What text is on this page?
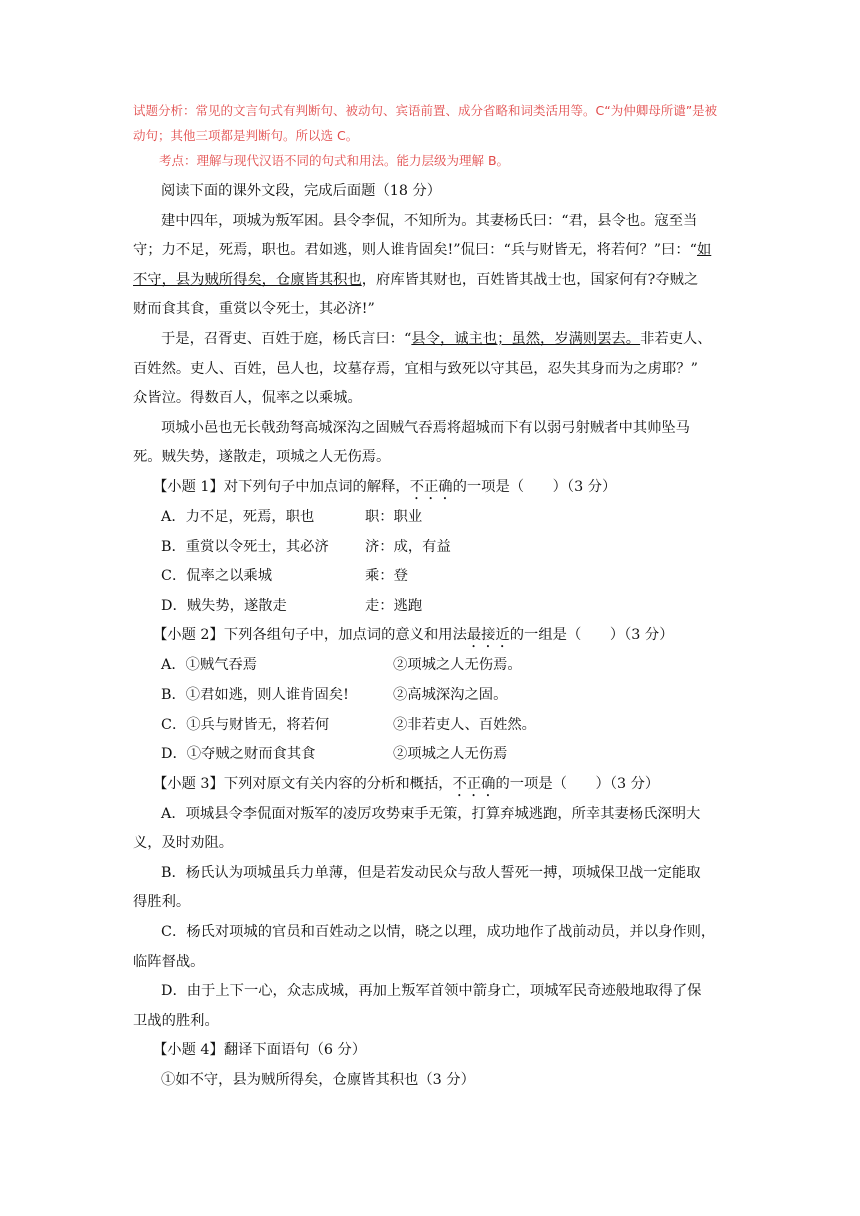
试题分析：常见的文言句式有判断句、被动句、宾语前置、成分省略和词类活用等。C“为仲卿母所谴”是被

动句；其他三项都是判断句。所以选 C。

考点：理解与现代汉语不同的句式和用法。能力层级为理解 B。

阅读下面的课外文段，完成后面题（18 分）

建中四年，项城为叛军困。县令李侃，不知所为。其妻杨氏曰：“君，县令也。寇至当
守；力不足，死焉，职也。君如逃，则人谁肯固矣!”侃曰：“兵与财皆无，将若何？”曰：“如
不守，县为贼所得矣，仓廪皆其积也，府库皆其财也，百姓皆其战士也，国家何有?夺贼之
财而食其食，重赏以令死士，其必济!”

于是，召胥吏、百姓于庭，杨氏言曰：“县令，诚主也；虽然，岁满则罢去。非若吏人、
百姓然。吏人、百姓，邑人也，坟墓存焉，宜相与致死以守其邑，忍失其身而为之虏耶？”
众皆泣。得数百人，侃率之以乘城。

项城小邑也无长戟劲弩高城深沟之固贼气吞焉将超城而下有以弱弓射贼者中其帅坠马
死。贼失势，遂散走，项城之人无伤焉。

【小题 1】对下列句子中加点词的解释，不正确的一项是（　　）（3 分）

A．力不足，死焉，职也	职：职业

B．重赏以令死士，其必济	济：成，有益

C．侃率之以乘城	乘：登

D．贼失势，遂散走	走：逃跑

【小题 2】下列各组句子中，加点词的意义和用法最接近的一组是（　　）（3 分）

A．①贼气吞焉	②项城之人无伤焉。

B．①君如逃，则人谁肯固矣!	②高城深沟之固。

C．①兵与财皆无，将若何	②非若吏人、百姓然。

D．①夺贼之财而食其食	②项城之人无伤焉

【小题 3】下列对原文有关内容的分析和概括，不正确的一项是（　　）（3 分）

A．项城县令李侃面对叛军的凌厉攻势束手无策，打算弃城逃跑，所幸其妻杨氏深明大
义，及时劝阻。

B．杨氏认为项城虽兵力单薄，但是若发动民众与敌人誓死一搏，项城保卫战一定能取
得胜利。

C．杨氏对项城的官员和百姓动之以情，晓之以理，成功地作了战前动员，并以身作则，
临阵督战。

D．由于上下一心，众志成城，再加上叛军首领中箭身亡，项城军民奇迹般地取得了保
卫战的胜利。

【小题 4】翻译下面语句（6 分）

①如不守，县为贼所得矣，仓廪皆其积也（3 分）
